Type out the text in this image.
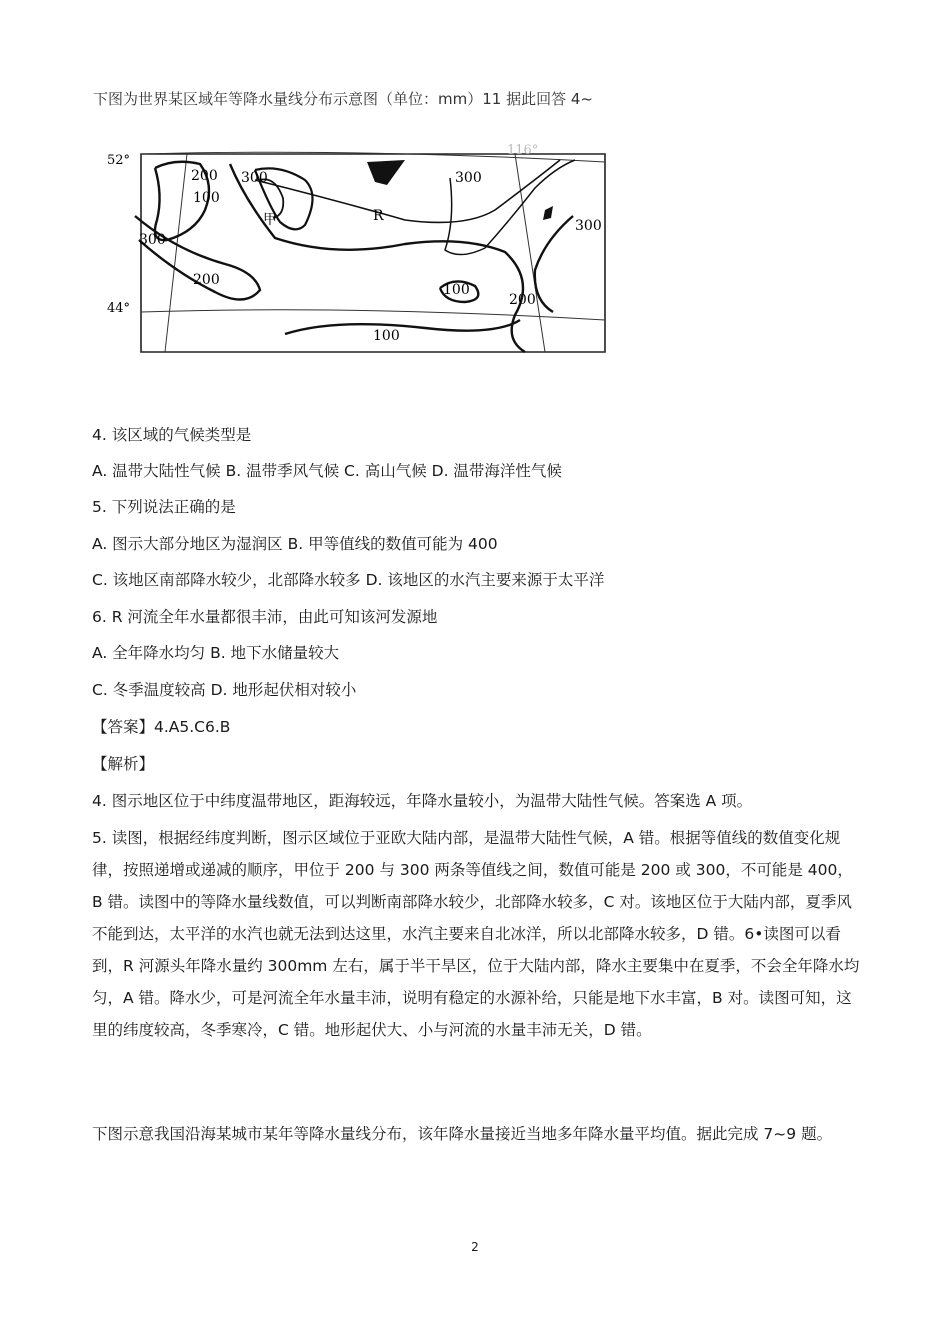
下图为世界某区域年等降水量线分布示意图（单位：mm）11 据此回答 4~
52°
44°
116°
200
100
300	300
300
300
200
100
200
100
甲	R
4. 该区域的气候类型是
A. 温带大陆性气候 B. 温带季风气候 C. 高山气候 D. 温带海洋性气候
5. 下列说法正确的是
A. 图示大部分地区为湿润区 B. 甲等值线的数值可能为 400
C. 该地区南部降水较少，北部降水较多 D. 该地区的水汽主要来源于太平洋
6. R 河流全年水量都很丰沛，由此可知该河发源地
A. 全年降水均匀 B. 地下水储量较大
C. 冬季温度较高 D. 地形起伏相对较小
【答案】4.A5.C6.B
【解析】
4. 图示地区位于中纬度温带地区，距海较远，年降水量较小，为温带大陆性气候。答案选 A 项。
5. 读图，根据经纬度判断，图示区域位于亚欧大陆内部，是温带大陆性气候，A 错。根据等值线的数值变化规律，按照递增或递减的顺序，甲位于 200 与 300 两条等值线之间，数值可能是 200 或 300，不可能是 400，B 错。读图中的等降水量线数值，可以判断南部降水较少，北部降水较多，C 对。该地区位于大陆内部，夏季风不能到达，太平洋的水汽也就无法到达这里，水汽主要来自北冰洋，所以北部降水较多，D 错。6•读图可以看到，R 河源头年降水量约 300mm 左右，属于半干旱区，位于大陆内部，降水主要集中在夏季，不会全年降水均匀，A 错。降水少，可是河流全年水量丰沛，说明有稳定的水源补给，只能是地下水丰富，B 对。读图可知，这里的纬度较高，冬季寒冷，C 错。地形起伏大、小与河流的水量丰沛无关，D 错。
下图示意我国沿海某城市某年等降水量线分布，该年降水量接近当地多年降水量平均值。据此完成 7~9 题。
2
